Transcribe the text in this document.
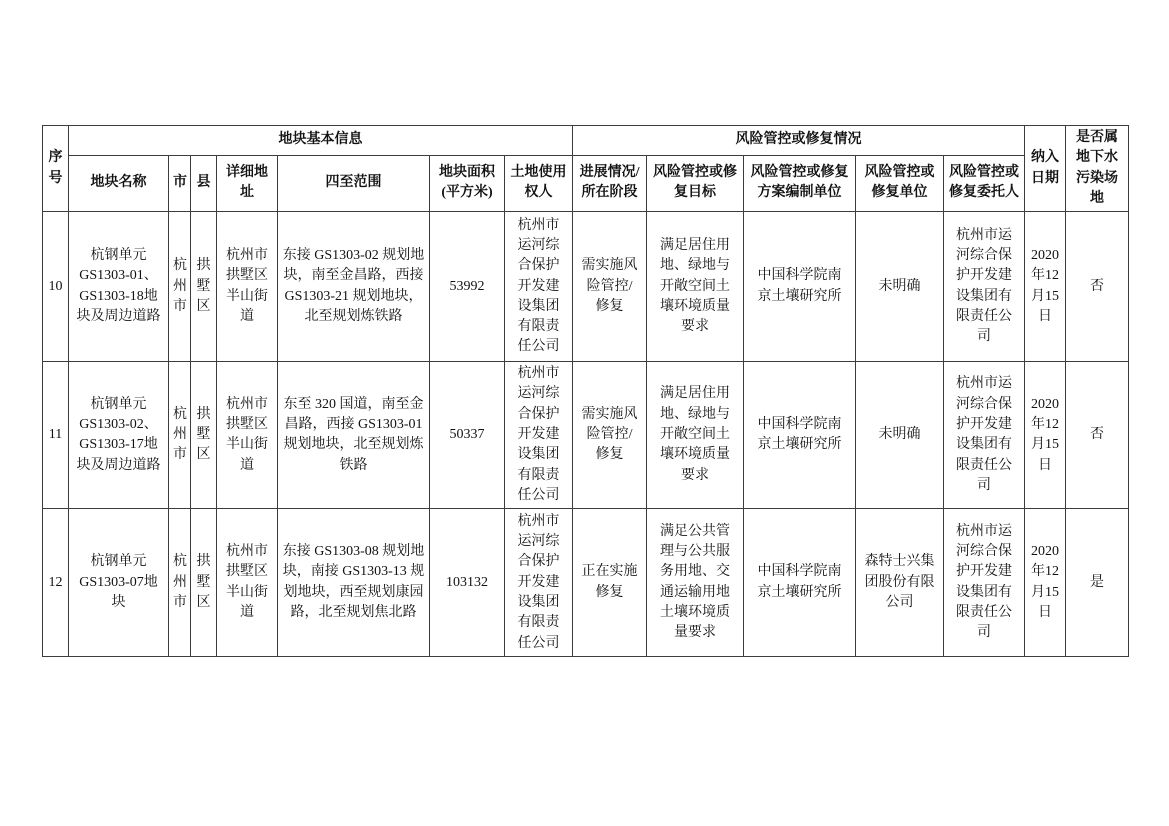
序号	地块基本信息							风险管控或修复情况					纳入日期	是否属地下水污染场地
	地块名称	市	县	详细地址	四至范围	地块面积(平方米)	土地使用权人	进展情况/所在阶段	风险管控或修复目标	风险管控或修复方案编制单位	风险管控或修复单位	风险管控或修复委托人		
10	杭钢单元GS1303-01、GS1303-18地块及周边道路	杭州市	拱墅区	杭州市拱墅区半山街道	东接 GS1303-02 规划地块，南至金昌路，西接 GS1303-21 规划地块，北至规划炼铁路	53992	杭州市运河综合保护开发建设集团有限责任公司	需实施风险管控/修复	满足居住用地、绿地与开敞空间土壤环境质量要求	中国科学院南京土壤研究所	未明确	杭州市运河综合保护开发建设集团有限责任公司	2020年12月15日	否
11	杭钢单元GS1303-02、GS1303-17地块及周边道路	杭州市	拱墅区	杭州市拱墅区半山街道	东至 320 国道，南至金昌路，西接 GS1303-01 规划地块，北至规划炼铁路	50337	杭州市运河综合保护开发建设集团有限责任公司	需实施风险管控/修复	满足居住用地、绿地与开敞空间土壤环境质量要求	中国科学院南京土壤研究所	未明确	杭州市运河综合保护开发建设集团有限责任公司	2020年12月15日	否
12	杭钢单元GS1303-07地块	杭州市	拱墅区	杭州市拱墅区半山街道	东接 GS1303-08 规划地块，南接 GS1303-13 规划地块，西至规划康园路，北至规划焦北路	103132	杭州市运河综合保护开发建设集团有限责任公司	正在实施修复	满足公共管理与公共服务用地、交通运输用地土壤环境质量要求	中国科学院南京土壤研究所	森特士兴集团股份有限公司	杭州市运河综合保护开发建设集团有限责任公司	2020年12月15日	是
